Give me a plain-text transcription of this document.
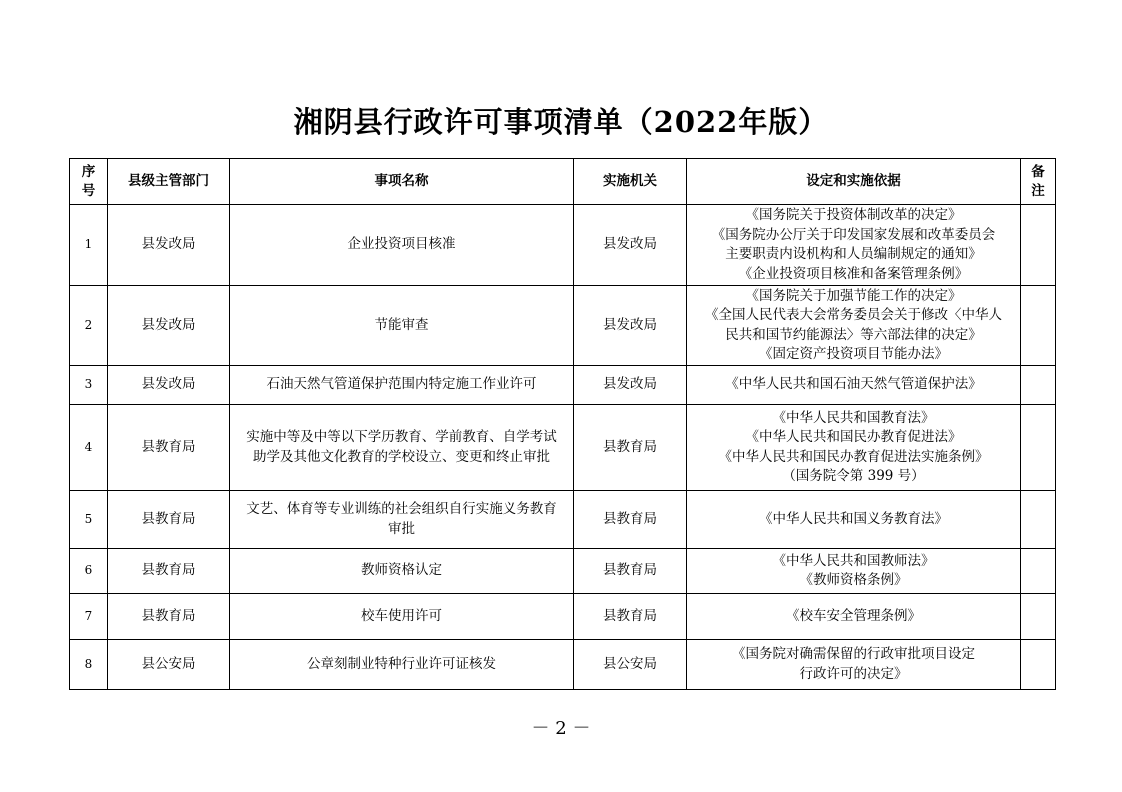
湘阴县行政许可事项清单（2022年版）
序
号	县级主管部门	事项名称	实施机关	设定和实施依据	备
注

1	县发改局	企业投资项目核准	县发改局	《国务院关于投资体制改革的决定》
《国务院办公厅关于印发国家发展和改革委员会
主要职责内设机构和人员编制规定的通知》
《企业投资项目核准和备案管理条例》	

2	县发改局	节能审查	县发改局	《国务院关于加强节能工作的决定》
《全国人民代表大会常务委员会关于修改〈中华人
民共和国节约能源法〉等六部法律的决定》
《固定资产投资项目节能办法》	

3	县发改局	石油天然气管道保护范围内特定施工作业许可	县发改局	《中华人民共和国石油天然气管道保护法》	

4	县教育局	实施中等及中等以下学历教育、学前教育、自学考试
助学及其他文化教育的学校设立、变更和终止审批	县教育局	《中华人民共和国教育法》
《中华人民共和国民办教育促进法》
《中华人民共和国民办教育促进法实施条例》
（国务院令第 399 号）	

5	县教育局	文艺、体育等专业训练的社会组织自行实施义务教育
审批	县教育局	《中华人民共和国义务教育法》	

6	县教育局	教师资格认定	县教育局	《中华人民共和国教师法》
《教师资格条例》	

7	县教育局	校车使用许可	县教育局	《校车安全管理条例》	

8	县公安局	公章刻制业特种行业许可证核发	县公安局	《国务院对确需保留的行政审批项目设定
行政许可的决定》	

－ 2 －
